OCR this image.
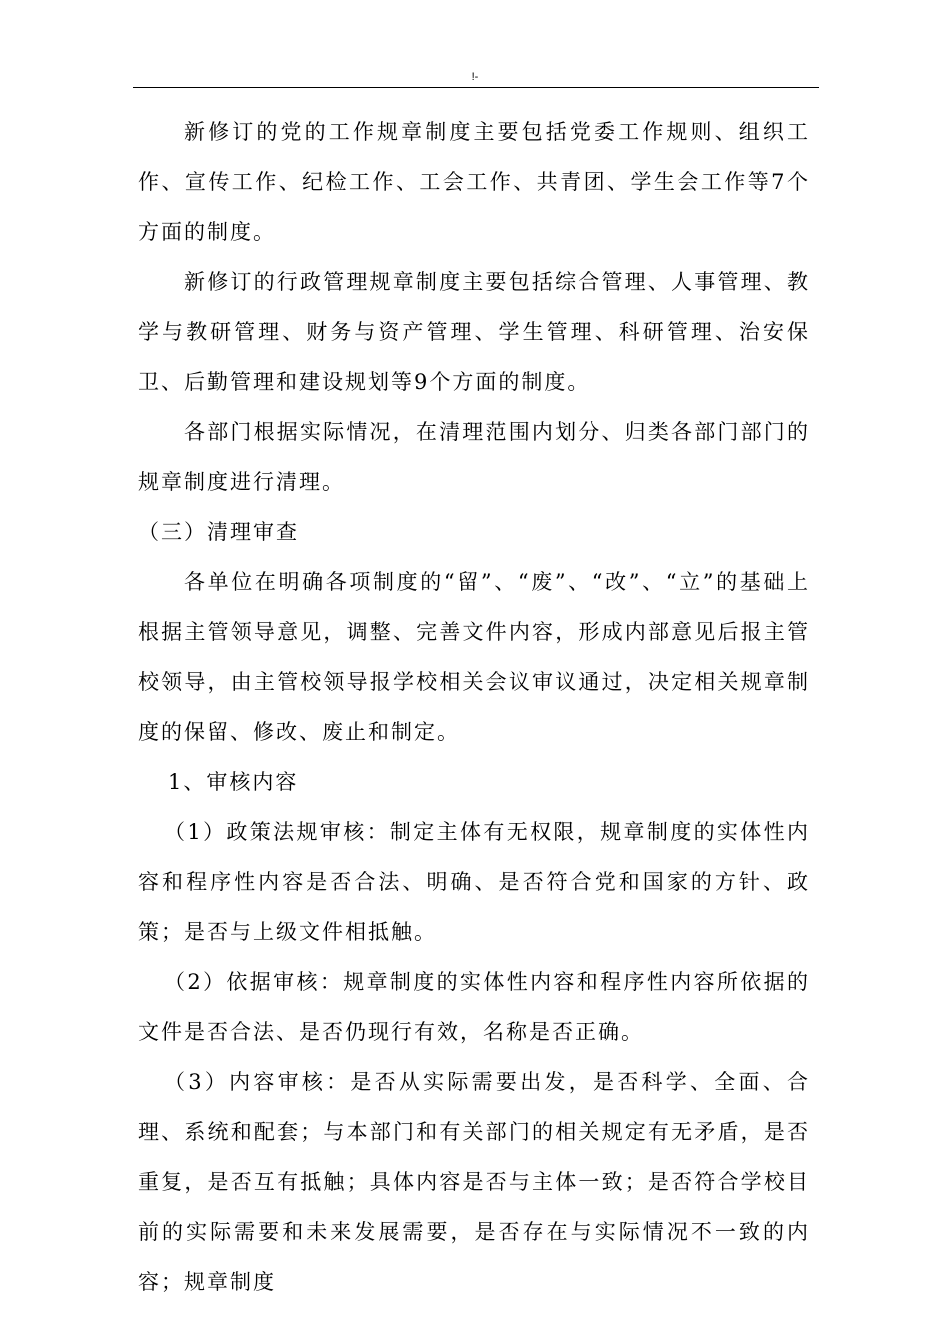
!-

新修订的党的工作规章制度主要包括党委工作规则、组织工作、宣传工作、纪检工作、工会工作、共青团、学生会工作等7个方面的制度。

新修订的行政管理规章制度主要包括综合管理、人事管理、教学与教研管理、财务与资产管理、学生管理、科研管理、治安保卫、后勤管理和建设规划等9个方面的制度。

各部门根据实际情况，在清理范围内划分、归类各部门部门的规章制度进行清理。

（三）清理审查

各单位在明确各项制度的“留”、“废”、“改”、“立”的基础上根据主管领导意见，调整、完善文件内容，形成内部意见后报主管校领导，由主管校领导报学校相关会议审议通过，决定相关规章制度的保留、修改、废止和制定。

1、审核内容

（1）政策法规审核：制定主体有无权限，规章制度的实体性内容和程序性内容是否合法、明确、是否符合党和国家的方针、政策；是否与上级文件相抵触。

（2）依据审核：规章制度的实体性内容和程序性内容所依据的文件是否合法、是否仍现行有效，名称是否正确。

（3）内容审核：是否从实际需要出发，是否科学、全面、合理、系统和配套；与本部门和有关部门的相关规定有无矛盾，是否重复，是否互有抵触；具体内容是否与主体一致；是否符合学校目前的实际需要和未来发展需要，是否存在与实际情况不一致的内容；规章制度
